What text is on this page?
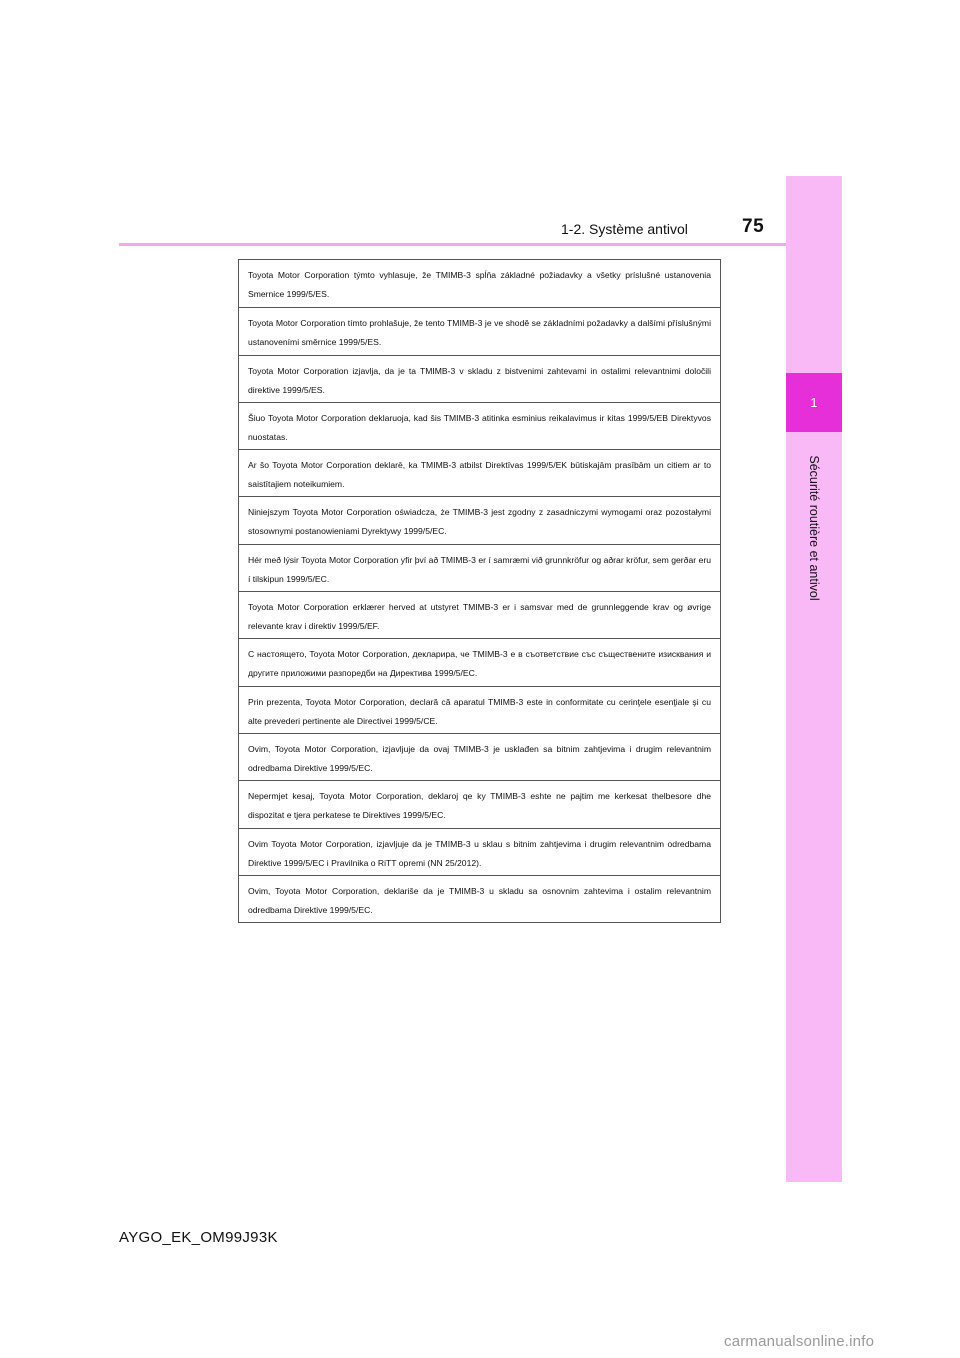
1
Sécurité routière et antivol
1-2. Système antivol	75
Toyota Motor Corporation týmto vyhlasuje, že TMIMB-3 spĺňa základné požiadavky a všetky príslušné ustanovenia Smernice 1999/5/ES.
Toyota Motor Corporation tímto prohlašuje, že tento TMIMB-3 je ve shodě se základními požadavky a dalšími příslušnými ustanoveními směrnice 1999/5/ES.
Toyota Motor Corporation izjavlja, da je ta TMIMB-3 v skladu z bistvenimi zahtevami in ostalimi relevantnimi določili direktive 1999/5/ES.
Šiuo Toyota Motor Corporation deklaruoja, kad šis TMIMB-3 atitinka esminius reikalavimus ir kitas 1999/5/EB Direktyvos nuostatas.
Ar šo Toyota Motor Corporation deklarē, ka TMIMB-3 atbilst Direktīvas 1999/5/EK būtiskajām prasībām un citiem ar to saistītajiem noteikumiem.
Niniejszym Toyota Motor Corporation oświadcza, że TMIMB-3 jest zgodny z zasadniczymi wymogami oraz pozostałymi stosownymi postanowieniami Dyrektywy 1999/5/EC.
Hér með lýsir Toyota Motor Corporation yfir því að TMIMB-3 er í samræmi við grunnkröfur og aðrar kröfur, sem gerðar eru í tilskipun 1999/5/EC.
Toyota Motor Corporation erklærer herved at utstyret TMIMB-3 er i samsvar med de grunnleggende krav og øvrige relevante krav i direktiv 1999/5/EF.
С настоящето, Toyota Motor Corporation, декларира, че TMIMB-3 е в съответствие със съществените изисквания и другите приложими разпоредби на Директива 1999/5/EC.
Prin prezenta, Toyota Motor Corporation, declară că aparatul TMIMB-3 este in conformitate cu cerinţele esenţiale şi cu alte prevederi pertinente ale Directivei 1999/5/CE.
Ovim, Toyota Motor Corporation, izjavljuje da ovaj TMIMB-3 je usklađen sa bitnim zahtjevima i drugim relevantnim odredbama Direktive 1999/5/EC.
Nepermjet kesaj, Toyota Motor Corporation, deklaroj qe ky TMIMB-3 eshte ne pajtim me kerkesat thelbesore dhe dispozitat e tjera perkatese te Direktives 1999/5/EC.
Ovim Toyota Motor Corporation, izjavljuje da je TMIMB-3 u sklau s bitnim zahtjevima i drugim relevantnim odredbama Direktive 1999/5/EC i Pravilnika o RiTT opremi (NN 25/2012).
Ovim, Toyota Motor Corporation, deklariše da je TMIMB-3 u skladu sa osnovnim zahtevima i ostalim relevantnim odredbama Direktive 1999/5/EC.
AYGO_EK_OM99J93K
carmanualsonline.info
